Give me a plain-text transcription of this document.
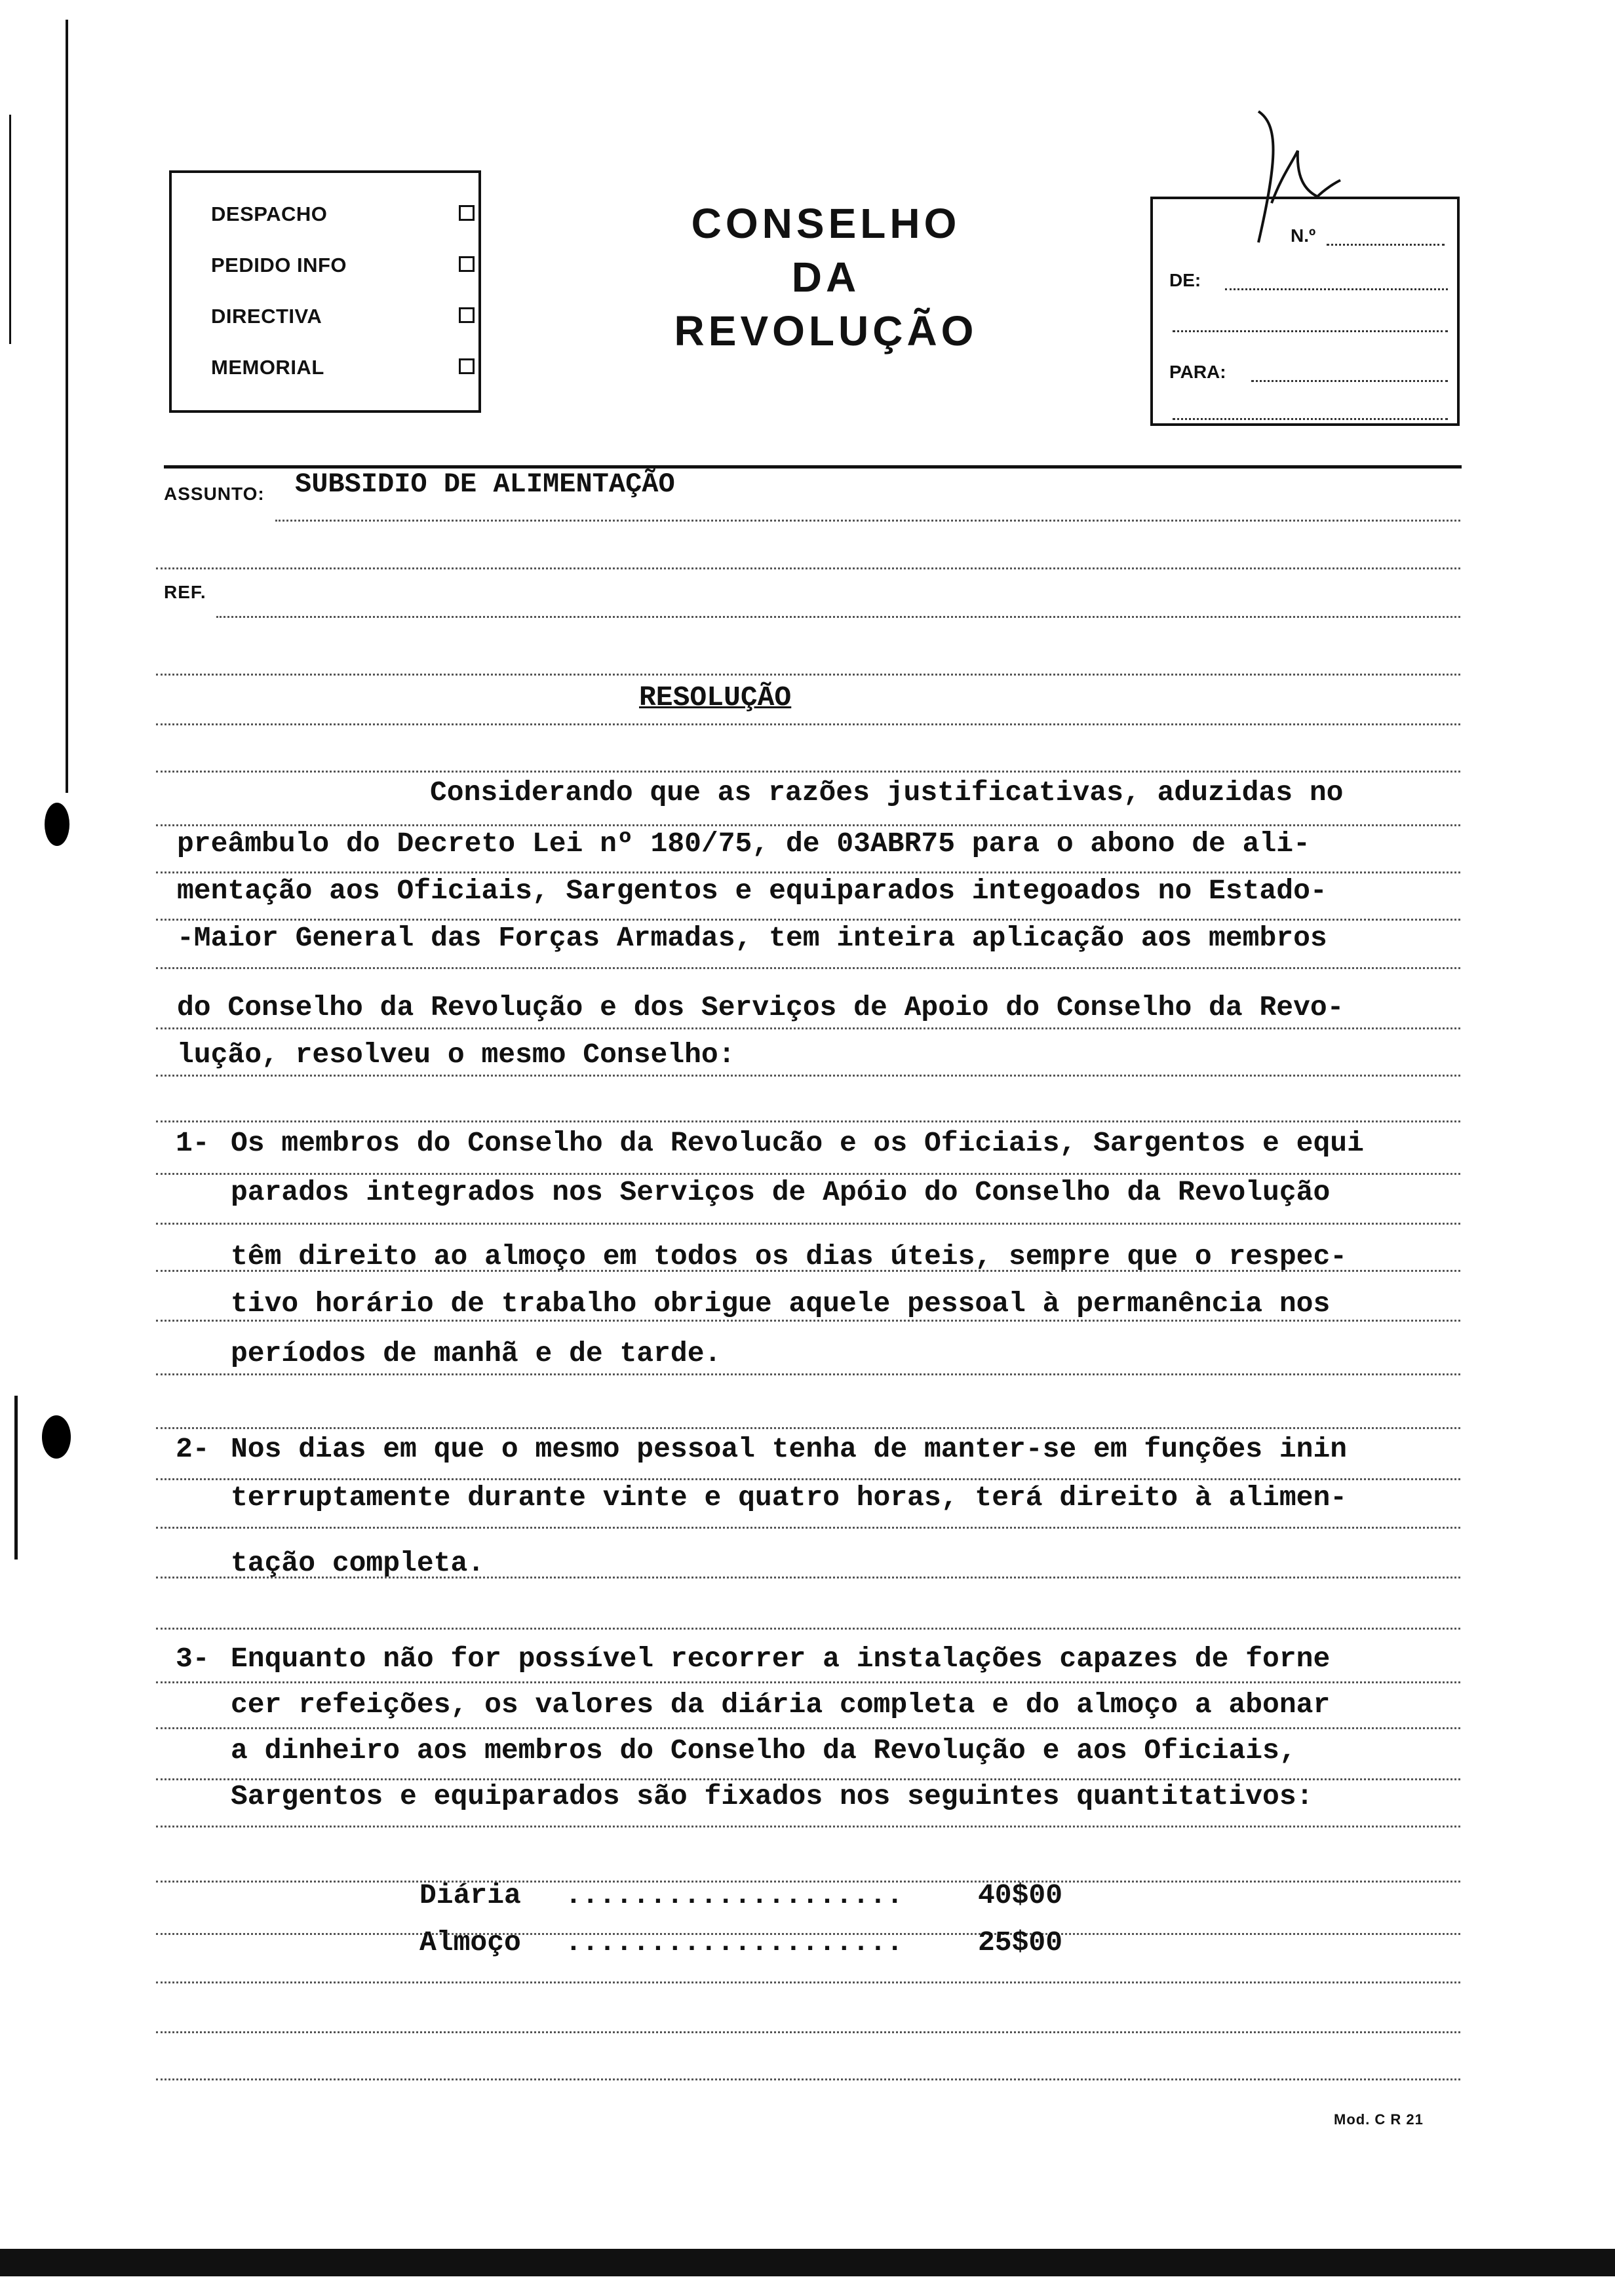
DESPACHO
PEDIDO INFO
DIRECTIVA
MEMORIAL
CONSELHO
DA
REVOLUÇÃO
N.º
DE:
PARA:
ASSUNTO: SUBSIDIO DE ALIMENTAÇÃO
REF.
RESOLUÇÃO
Considerando que as razões justificativas, aduzidas no
preâmbulo do Decreto Lei nº 180/75, de 03ABR75 para o abono de ali-
mentação aos Oficiais, Sargentos e equiparados integoados no Estado-
-Maior General das Forças Armadas, tem inteira aplicação aos membros
do Conselho da Revolução e dos Serviços de Apoio do Conselho da Revo-
lução, resolveu o mesmo Conselho:
1- Os membros do Conselho da Revolucão e os Oficiais, Sargentos e equi
parados integrados nos Serviços de Apóio do Conselho da Revolução
têm direito ao almoço em todos os dias úteis, sempre que o respec-
tivo horário de trabalho obrigue aquele pessoal à permanência nos
períodos de manhã e de tarde.
2- Nos dias em que o mesmo pessoal tenha de manter-se em funções inin
terruptamente durante vinte e quatro horas, terá direito à alimen-
tação completa.
3- Enquanto não for possível recorrer a instalações capazes de forne
cer refeições, os valores da diária completa e do almoço a abonar
a dinheiro aos membros do Conselho da Revolução e aos Oficiais,
Sargentos e equiparados são fixados nos seguintes quantitativos:
Diária ....................	40$00
Almoço ....................	25$00
Mod. C R 21
